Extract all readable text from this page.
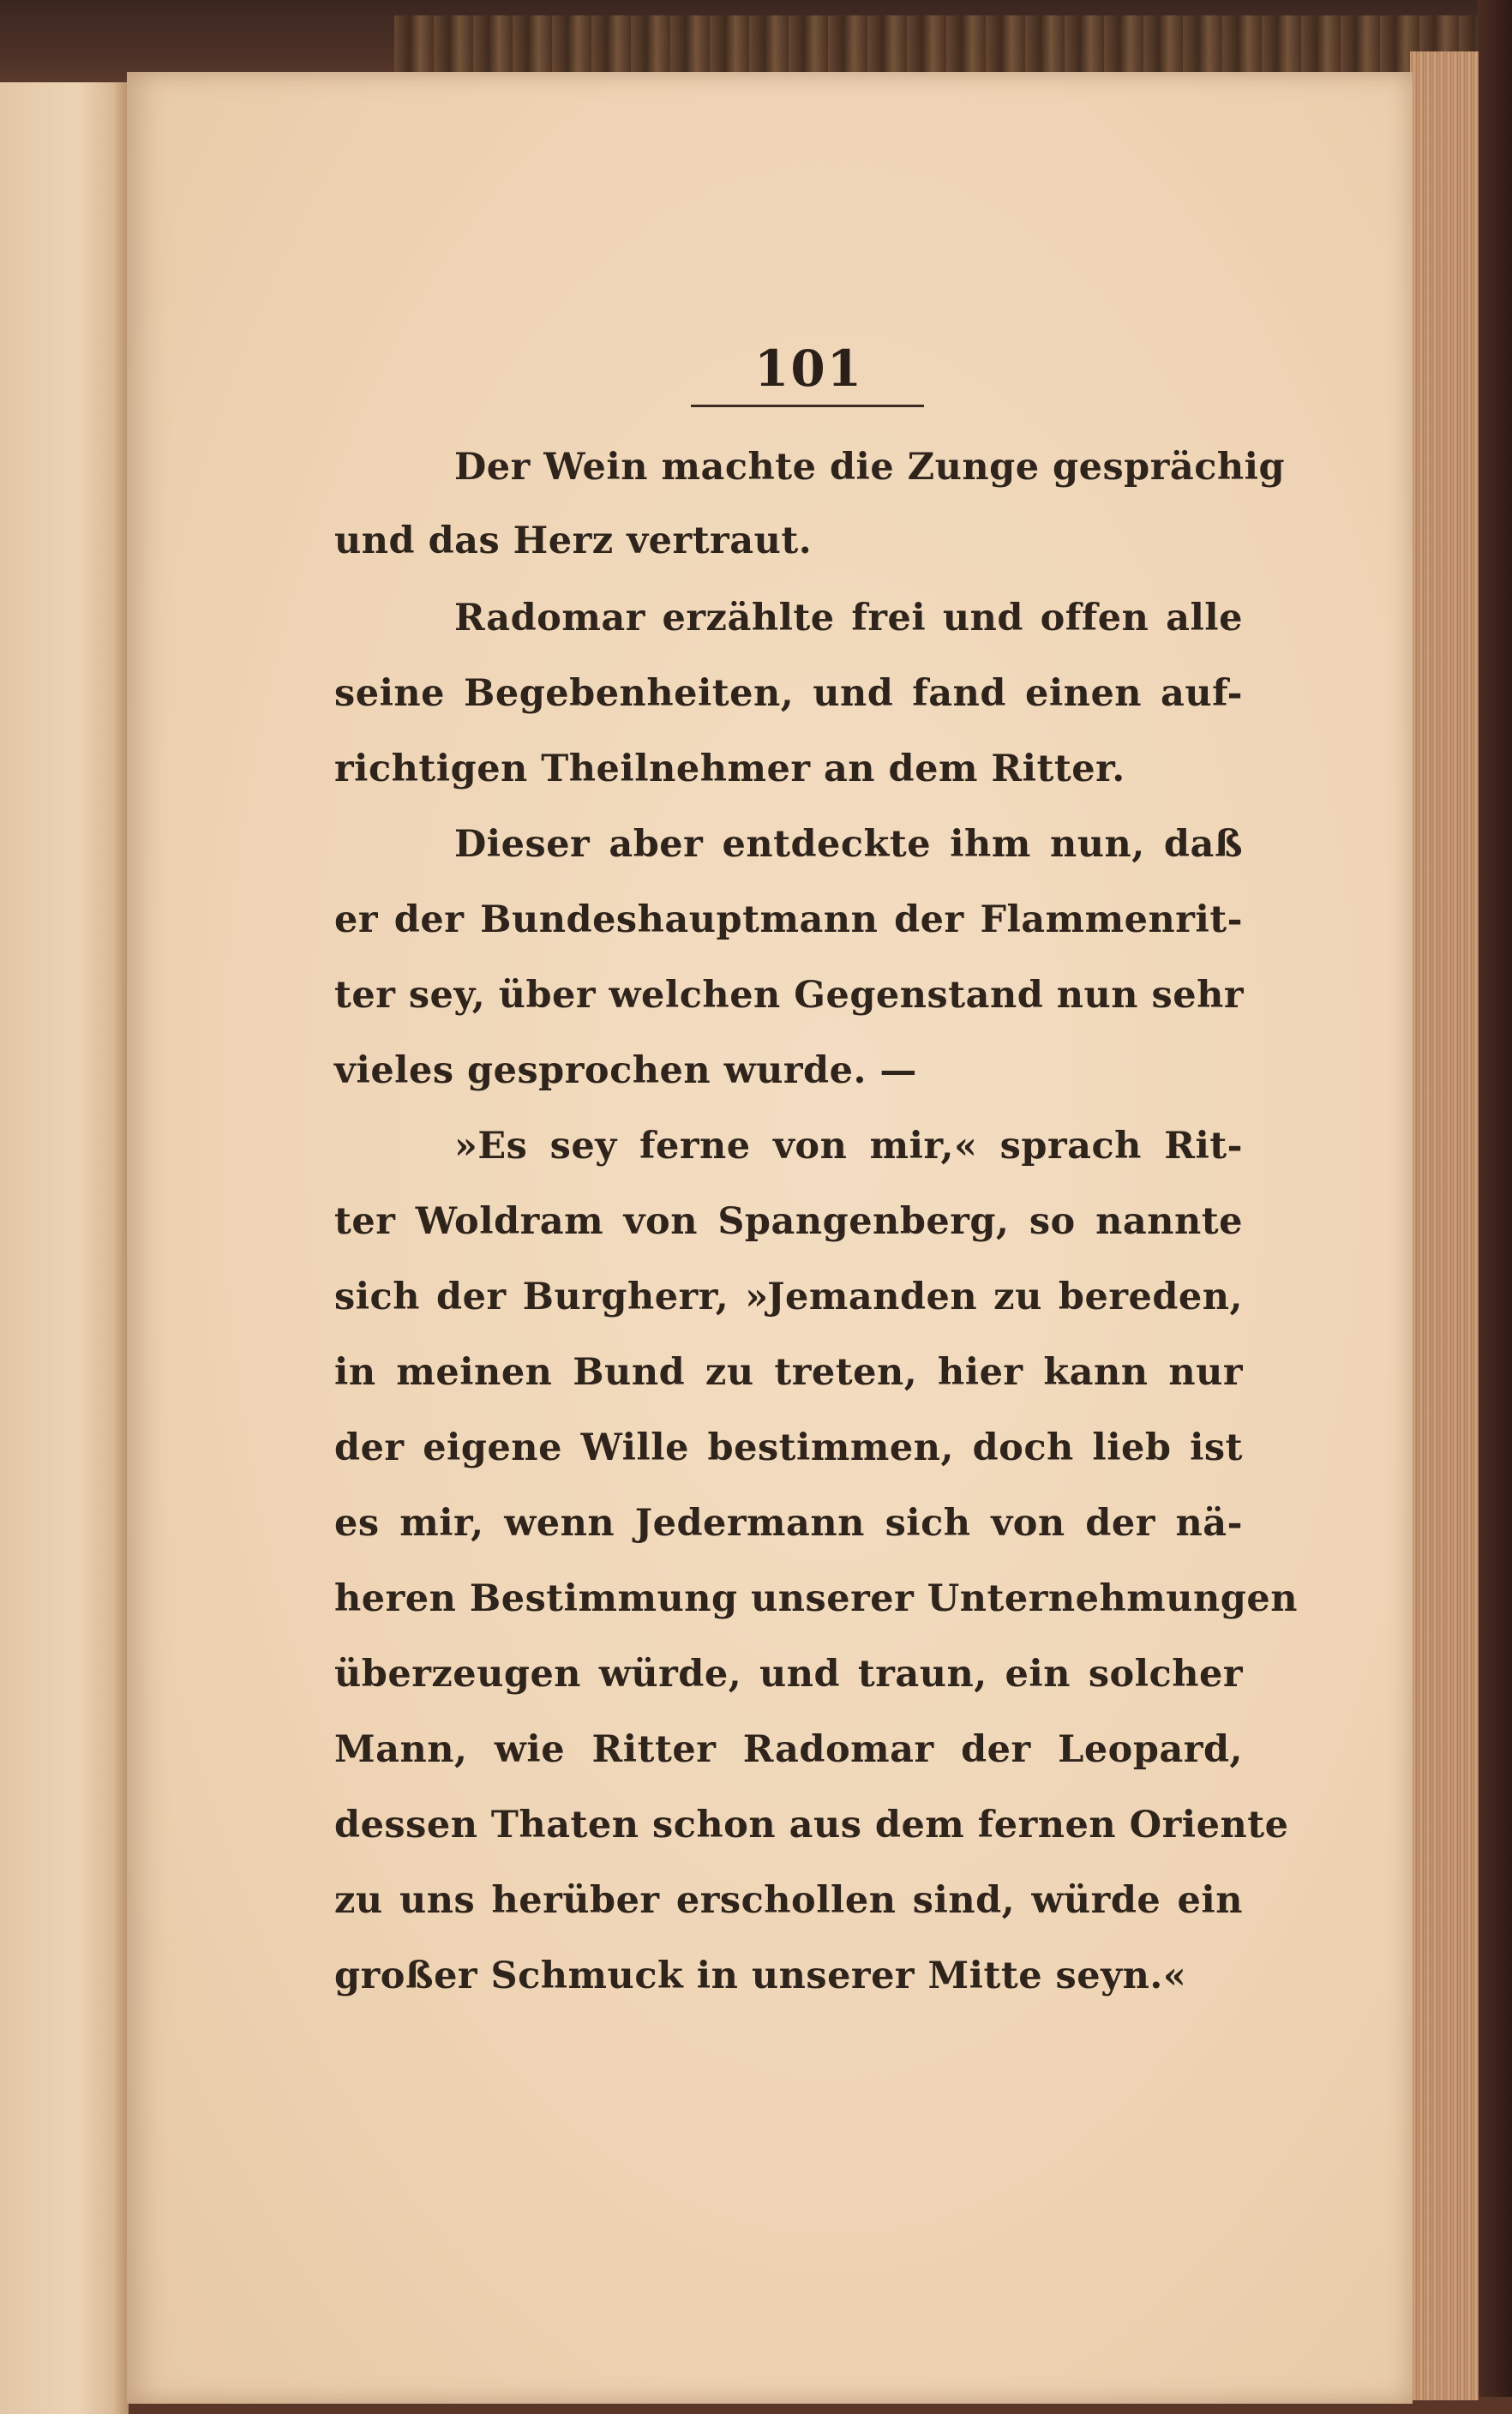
101
Der Wein machte die Zunge gesprächig
und das Herz vertraut.
Radomar erzählte frei und offen alle
seine Begebenheiten, und fand einen auf-
richtigen Theilnehmer an dem Ritter.
Dieser aber entdeckte ihm nun, daß
er der Bundeshauptmann der Flammenrit-
ter sey, über welchen Gegenstand nun sehr
vieles gesprochen wurde. —
»Es sey ferne von mir,« sprach Rit-
ter Woldram von Spangenberg, so nannte
sich der Burgherr, »Jemanden zu bereden,
in meinen Bund zu treten, hier kann nur
der eigene Wille bestimmen, doch lieb ist
es mir, wenn Jedermann sich von der nä-
heren Bestimmung unserer Unternehmungen
überzeugen würde, und traun, ein solcher
Mann, wie Ritter Radomar der Leopard,
dessen Thaten schon aus dem fernen Oriente
zu uns herüber erschollen sind, würde ein
großer Schmuck in unserer Mitte seyn.«
